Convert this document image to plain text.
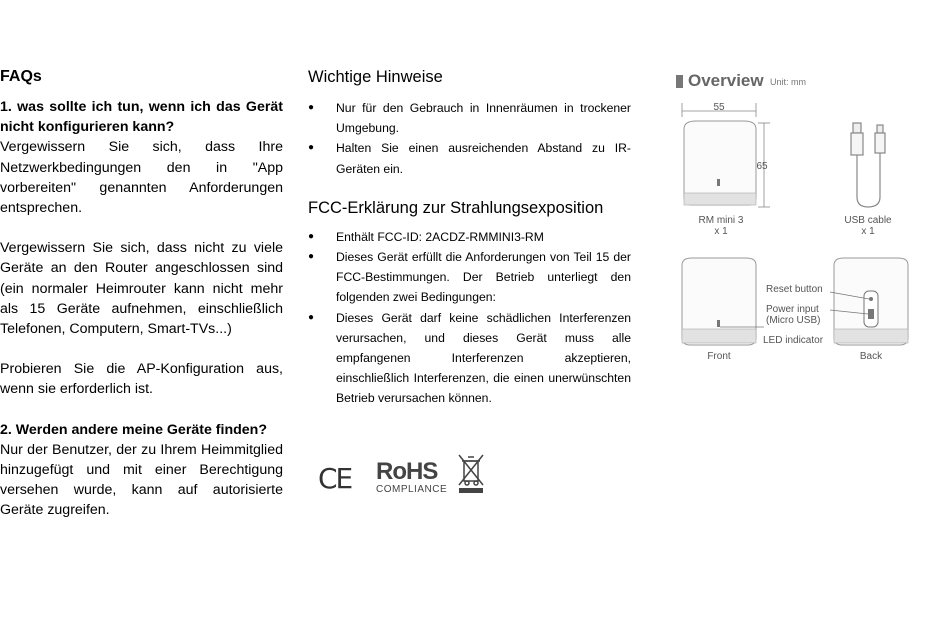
FAQs

1. was sollte ich tun, wenn ich das Gerät nicht konfigurieren kann?

Vergewissern Sie sich, dass Ihre Netzwerkbedingungen den in "App vorbereiten" genannten Anforderungen entsprechen.

Vergewissern Sie sich, dass nicht zu viele Geräte an den Router angeschlossen sind (ein normaler Heimrouter kann nicht mehr als 15 Geräte aufnehmen, einschließlich Telefonen, Computern, Smart-TVs...)

Probieren Sie die AP-Konfiguration aus, wenn sie erforderlich ist.

2. Werden andere meine Geräte finden?

Nur der Benutzer, der zu Ihrem Heimmitglied hinzugefügt und mit einer Berechtigung versehen wurde, kann auf autorisierte Geräte zugreifen.

Wichtige Hinweise
● Nur für den Gebrauch in Innenräumen in trockener Umgebung.
● Halten Sie einen ausreichenden Abstand zu IR-Geräten ein.
FCC-Erklärung zur Strahlungsexposition
● Enthält FCC-ID: 2ACDZ-RMMINI3-RM
● Dieses Gerät erfüllt die Anforderungen von Teil 15 der FCC-Bestimmungen. Der Betrieb unterliegt den folgenden zwei Bedingungen:
● Dieses Gerät darf keine schädlichen Interferenzen verursachen, und dieses Gerät muss alle empfangenen Interferenzen akzeptieren, einschließlich Interferenzen, die einen unerwünschten Betrieb verursachen können.
CE RoHS
COMPLIANCE
Overview Unit: mm
55
65
RM mini 3
x 1
USB cable
x 1
Reset button
Power input
(Micro USB)
LED indicator
Front	Back
